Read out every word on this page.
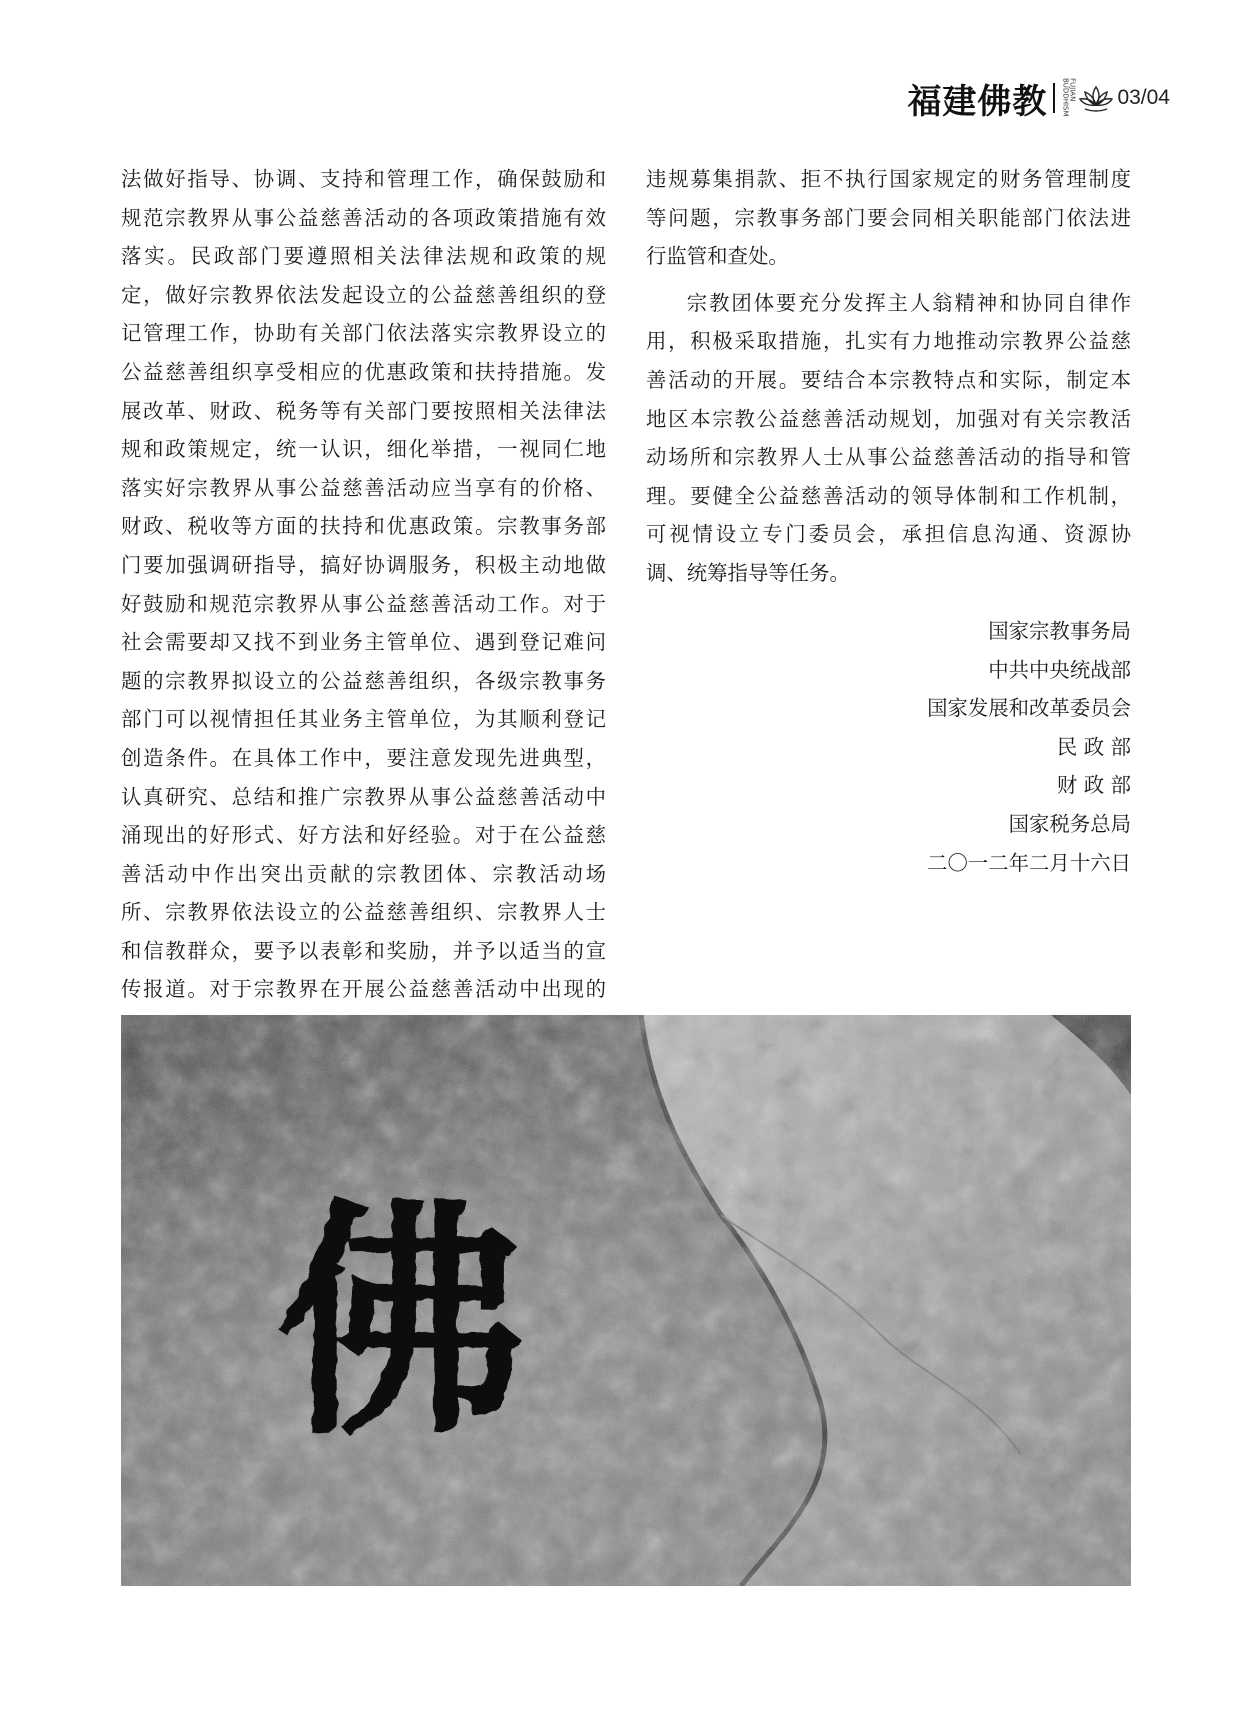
福建佛教	FUJIAN BUDDHISM 03/04

法做好指导、协调、支持和管理工作，确保鼓励和

规范宗教界从事公益慈善活动的各项政策措施有效

落实。民政部门要遵照相关法律法规和政策的规

定，做好宗教界依法发起设立的公益慈善组织的登

记管理工作，协助有关部门依法落实宗教界设立的

公益慈善组织享受相应的优惠政策和扶持措施。发

展改革、财政、税务等有关部门要按照相关法律法

规和政策规定，统一认识，细化举措，一视同仁地

落实好宗教界从事公益慈善活动应当享有的价格、

财政、税收等方面的扶持和优惠政策。宗教事务部

门要加强调研指导，搞好协调服务，积极主动地做

好鼓励和规范宗教界从事公益慈善活动工作。对于

社会需要却又找不到业务主管单位、遇到登记难问

题的宗教界拟设立的公益慈善组织，各级宗教事务

部门可以视情担任其业务主管单位，为其顺利登记

创造条件。在具体工作中，要注意发现先进典型，

认真研究、总结和推广宗教界从事公益慈善活动中

涌现出的好形式、好方法和好经验。对于在公益慈

善活动中作出突出贡献的宗教团体、宗教活动场

所、宗教界依法设立的公益慈善组织、宗教界人士

和信教群众，要予以表彰和奖励，并予以适当的宣

传报道。对于宗教界在开展公益慈善活动中出现的

违规募集捐款、拒不执行国家规定的财务管理制度

等问题，宗教事务部门要会同相关职能部门依法进

行监管和查处。

宗教团体要充分发挥主人翁精神和协同自律作

用，积极采取措施，扎实有力地推动宗教界公益慈

善活动的开展。要结合本宗教特点和实际，制定本

地区本宗教公益慈善活动规划，加强对有关宗教活

动场所和宗教界人士从事公益慈善活动的指导和管

理。要健全公益慈善活动的领导体制和工作机制，

可视情设立专门委员会，承担信息沟通、资源协

调、统筹指导等任务。

国家宗教事务局
中共中央统战部
国家发展和改革委员会
民 政 部
财 政 部
国家税务总局
二〇一二年二月十六日
佛
